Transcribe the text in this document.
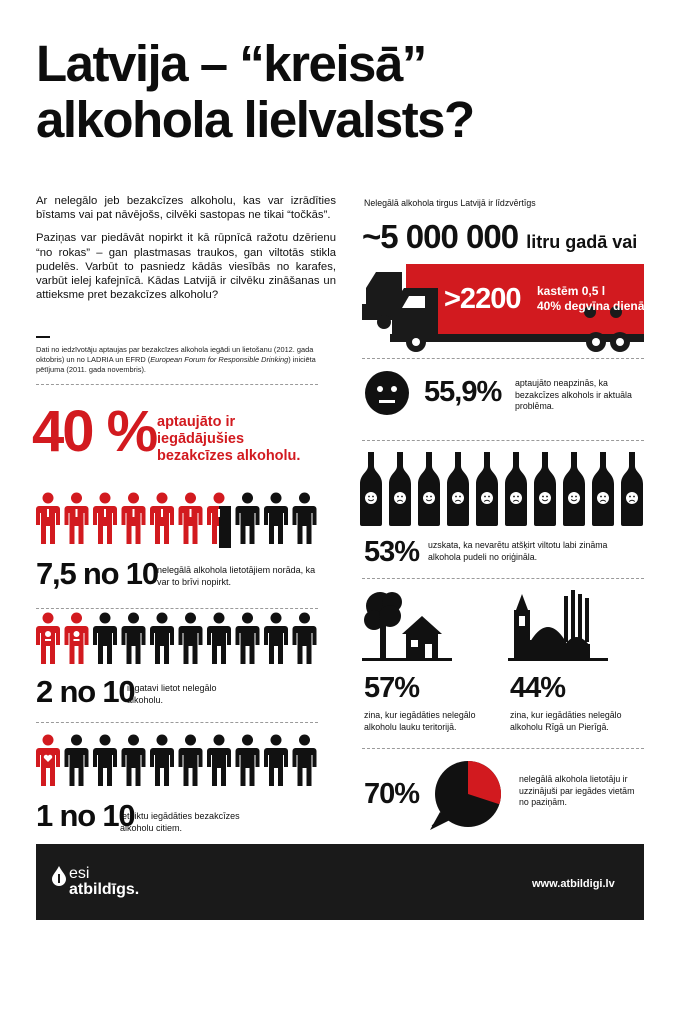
Latvija – “kreisā”
alkohola lielvalsts?

Ar nelegālo jeb bezakcīzes alkoholu, kas var izrādīties bīstams vai pat nāvējošs, cilvēki sastopas ne tikai “točkās”.

Paziņas var piedāvāt nopirkt it kā rūpnīcā ražotu dzērienu “no rokas” – gan plastmasas traukos, gan viltotās stikla pudelēs. Varbūt to pasniedz kādās viesībās no karafes, varbūt ielej kafejnīcā. Kādas Latvijā ir cilvēku zināšanas un attieksme pret bezakcīzes alkoholu?

Dati no iedzīvotāju aptaujas par bezakcīzes alkohola iegādi un lietošanu (2012. gada oktobris) un no LADRIA un EFRD (European Forum for Responsible Drinking) iniciēta pētījuma (2011. gada novembris).
40 % aptaujāto ir iegādājušies bezakcīzes alkoholu.
7,5 no 10 nelegālā alkohola lietotājiem norāda, ka var to brīvi nopirkt.
2 no 10
ir gatavi lietot nelegālo alkoholu.
1 no 10
ieteiktu iegādāties bezakcīzes alkoholu citiem.
Nelegālā alkohola tirgus Latvijā ir līdzvērtīgs
~5 000 000 litru gadā vai
>2200 kastēm 0,5 l
40% degvīna dienā
55,9% aptaujāto neapzinās, ka bezakcīzes alkohols ir aktuāla problēma.
53% uzskata, ka nevarētu atšķirt viltotu labi zināma alkohola pudeli no oriģināla.
57%
zina, kur iegādāties nelegālo alkoholu lauku teritorijā.
44%
zina, kur iegādāties nelegālo alkoholu Rīgā un Pierīgā.
70%	nelegālā alkohola lietotāju ir uzzinājuši par iegādes vietām no paziņām.
esi
atbildīgs.	www.atbildigi.lv
